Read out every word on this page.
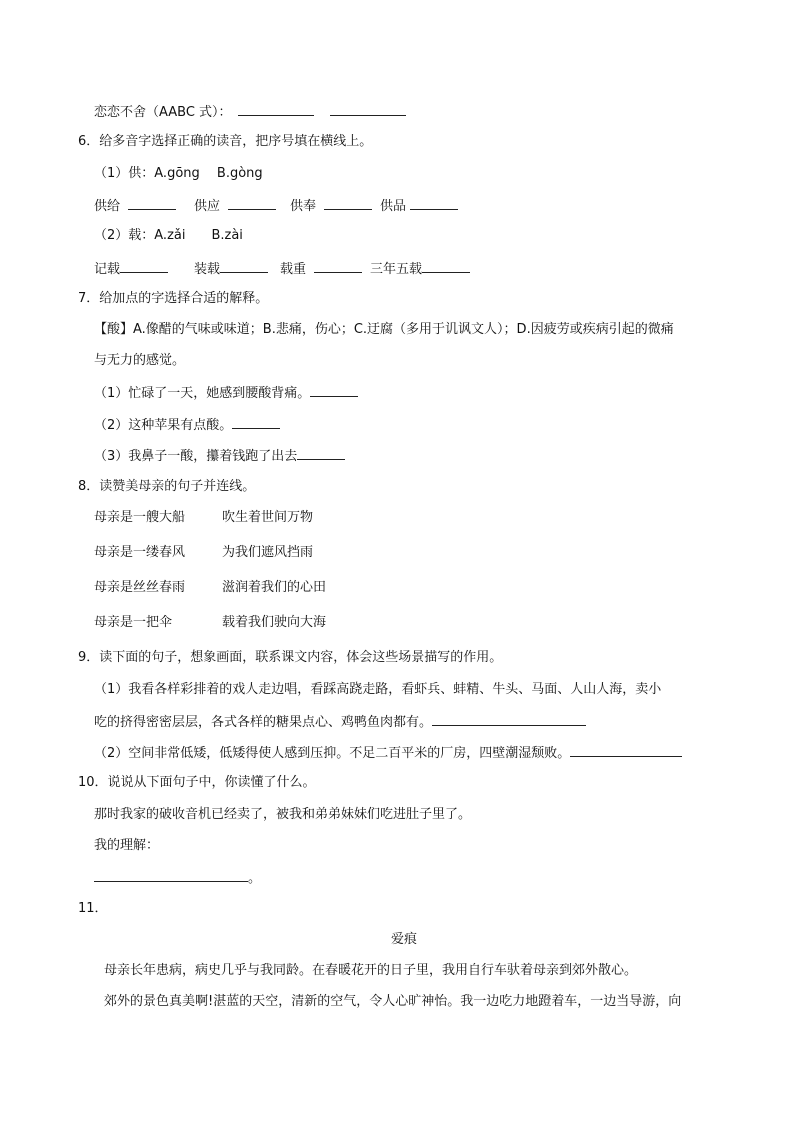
恋恋不舍（AABC 式）：
6．给多音字选择正确的读音，把序号填在横线上。
（1）供：A.gōng　 B.gòng
供给	供应	供奉	供品
（2）载：A.zǎi　　B.zài
记载	装载	载重	三年五载
7．给加点的字选择合适的解释。
【酸】A.像醋的气味或味道；B.悲痛，伤心；C.迂腐（多用于讥讽文人）；D.因疲劳或疾病引起的微痛
与无力的感觉。
（1）忙碌了一天，她感到腰酸背痛。
（2）这种苹果有点酸。
（3）我鼻子一酸，攥着钱跑了出去
8．读赞美母亲的句子并连线。
母亲是一艘大船	吹生着世间万物
母亲是一缕春风	为我们遮风挡雨
母亲是丝丝春雨	滋润着我们的心田
母亲是一把伞	载着我们驶向大海
9．读下面的句子，想象画面，联系课文内容，体会这些场景描写的作用。
（1）我看各样彩排着的戏人走边唱，看踩高跷走路，看虾兵、蚌精、牛头、马面、人山人海，卖小
吃的挤得密密层层，各式各样的糖果点心、鸡鸭鱼肉都有。
（2）空间非常低矮，低矮得使人感到压抑。不足二百平米的厂房，四壁潮湿颓败。
10．说说从下面句子中，你读懂了什么。
那时我家的破收音机已经卖了，被我和弟弟妹妹们吃进肚子里了。
我的理解：
。
11．
爱痕
母亲长年患病，病史几乎与我同龄。在春暖花开的日子里，我用自行车驮着母亲到郊外散心。
郊外的景色真美啊!湛蓝的天空，清新的空气，令人心旷神怡。我一边吃力地蹬着车，一边当导游，向
